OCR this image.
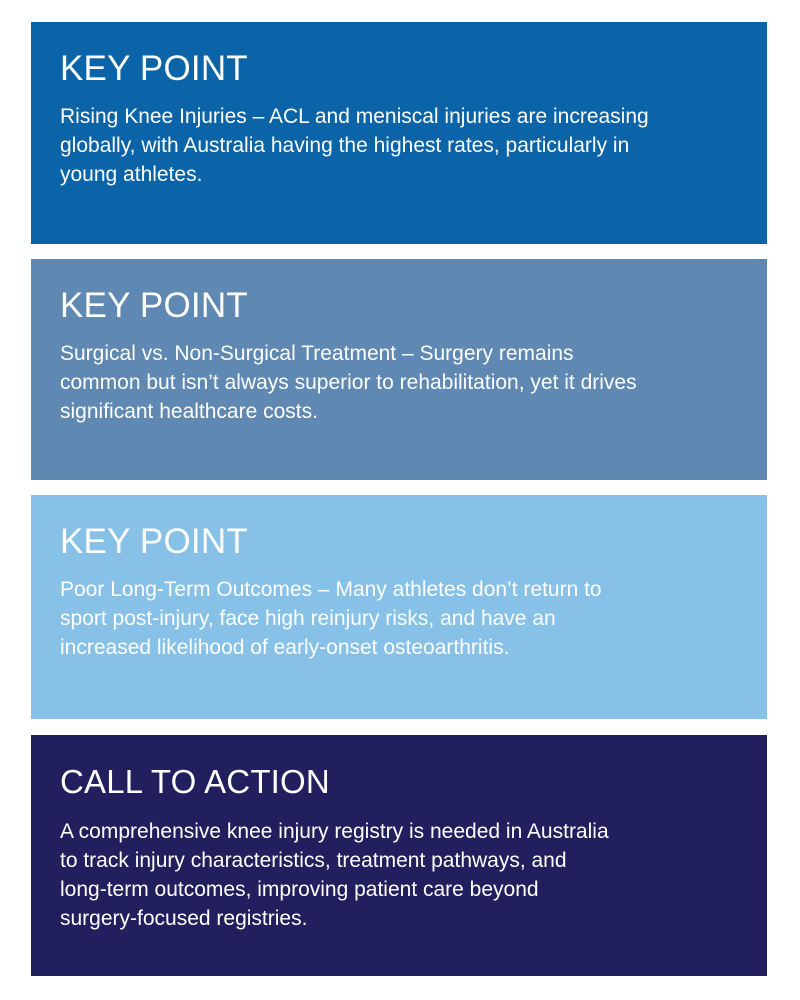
KEY POINT

Rising Knee Injuries – ACL and meniscal injuries are increasing
globally, with Australia having the highest rates, particularly in
young athletes.

KEY POINT

Surgical vs. Non-Surgical Treatment – Surgery remains
common but isn’t always superior to rehabilitation, yet it drives
significant healthcare costs.

KEY POINT

Poor Long-Term Outcomes – Many athletes don’t return to
sport post-injury, face high reinjury risks, and have an
increased likelihood of early-onset osteoarthritis.

CALL TO ACTION

A comprehensive knee injury registry is needed in Australia
to track injury characteristics, treatment pathways, and
long-term outcomes, improving patient care beyond
surgery-focused registries.
